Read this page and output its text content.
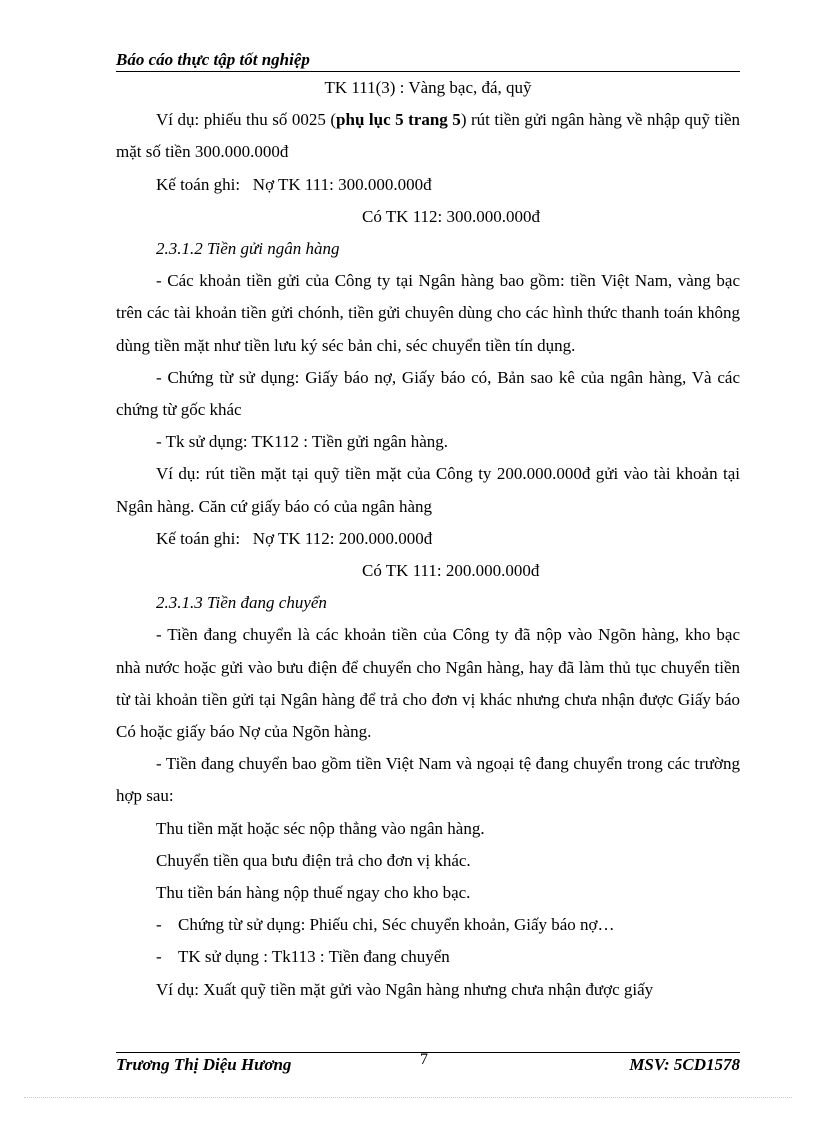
Báo cáo thực tập tốt nghiệp

TK 111(3) : Vàng bạc, đá, quỹ

Ví dụ: phiếu thu số 0025 (phụ lục 5 trang 5) rút tiền gửi ngân hàng về nhập quỹ tiền mặt số tiền 300.000.000đ

Kế toán ghi:   Nợ TK 111: 300.000.000đ

Có TK 112: 300.000.000đ

2.3.1.2 Tiền gửi ngân hàng

- Các khoản tiền gửi của Công ty tại Ngân hàng bao gồm: tiền Việt Nam, vàng bạc trên các tài khoản tiền gửi chónh, tiền gửi chuyên dùng cho các hình thức thanh toán không dùng tiền mặt như tiền lưu ký séc bản chi, séc chuyển tiền tín dụng.

- Chứng từ sử dụng: Giấy báo nợ, Giấy báo có, Bản sao kê của ngân hàng, Và các chứng từ gốc khác

- Tk sử dụng: TK112 : Tiền gửi ngân hàng.

Ví dụ: rút tiền mặt tại quỹ tiền mặt của Công ty 200.000.000đ gửi vào tài khoản tại Ngân hàng. Căn cứ giấy báo có của ngân hàng

Kế toán ghi:   Nợ TK 112: 200.000.000đ

Có TK 111: 200.000.000đ

2.3.1.3 Tiền đang chuyển

- Tiền đang chuyển là các khoản tiền của Công ty đã nộp vào Ngõn hàng, kho bạc nhà nước hoặc gửi vào bưu điện để chuyển cho Ngân hàng, hay đã làm thủ tục chuyển tiền từ tài khoản tiền gửi tại Ngân hàng để trả cho đơn vị khác nhưng chưa nhận được Giấy báo Có hoặc giấy báo Nợ của Ngõn hàng.

- Tiền đang chuyển bao gồm tiền Việt Nam và ngoại tệ đang chuyển trong các trường hợp sau:

Thu tiền mặt hoặc séc nộp thẳng vào ngân hàng.

Chuyển tiền qua bưu điện trả cho đơn vị khác.

Thu tiền bán hàng nộp thuế ngay cho kho bạc.

- Chứng từ sử dụng: Phiếu chi, Séc chuyển khoản, Giấy báo nợ…

- TK sử dụng : Tk113 : Tiền đang chuyển

Ví dụ: Xuất quỹ tiền mặt gửi vào Ngân hàng nhưng chưa nhận được giấy

Trương Thị Diệu Hương	7	MSV: 5CD1578
